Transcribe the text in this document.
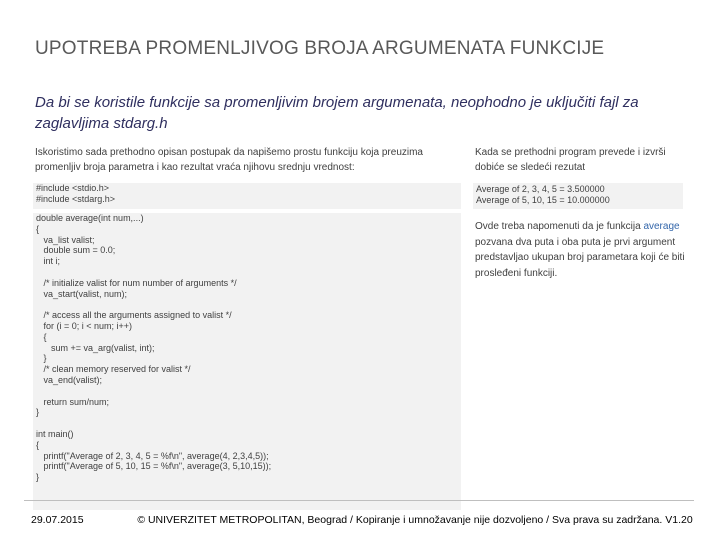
UPOTREBA PROMENLJIVOG BROJA ARGUMENATA FUNKCIJE
Da bi se koristile funkcije sa promenljivim brojem argumenata, neophodno je uključiti fajl za zaglavljima stdarg.h
Iskoristimo sada prethodno opisan postupak da napišemo prostu funkciju koja preuzima promenljiv broja parametra i kao rezultat vraća njihovu srednju vrednost:
#include <stdio.h>
#include <stdarg.h>
double average(int num,...)
{
va_list valist;
double sum = 0.0;
int i;

/* initialize valist for num number of arguments */
va_start(valist, num);

/* access all the arguments assigned to valist */
for (i = 0; i < num; i++)
{
sum += va_arg(valist, int);
}
/* clean memory reserved for valist */
va_end(valist);

return sum/num;
}

int main()
{
printf("Average of 2, 3, 4, 5 = %f\n", average(4, 2,3,4,5));
printf("Average of 5, 10, 15 = %f\n", average(3, 5,10,15));
}
Kada se prethodni program prevede i izvrši dobiće se sledeći rezutat
Average of 2, 3, 4, 5 = 3.500000
Average of 5, 10, 15 = 10.000000
Ovde treba napomenuti da je funkcija average pozvana dva puta i oba puta je prvi argument predstavljao ukupan broj parametara koji će biti prosleđeni funkciji.
29.07.2015	© UNIVERZITET METROPOLITAN, Beograd / Kopiranje i umnožavanje nije dozvoljeno / Sva prava su zadržana. V1.20
